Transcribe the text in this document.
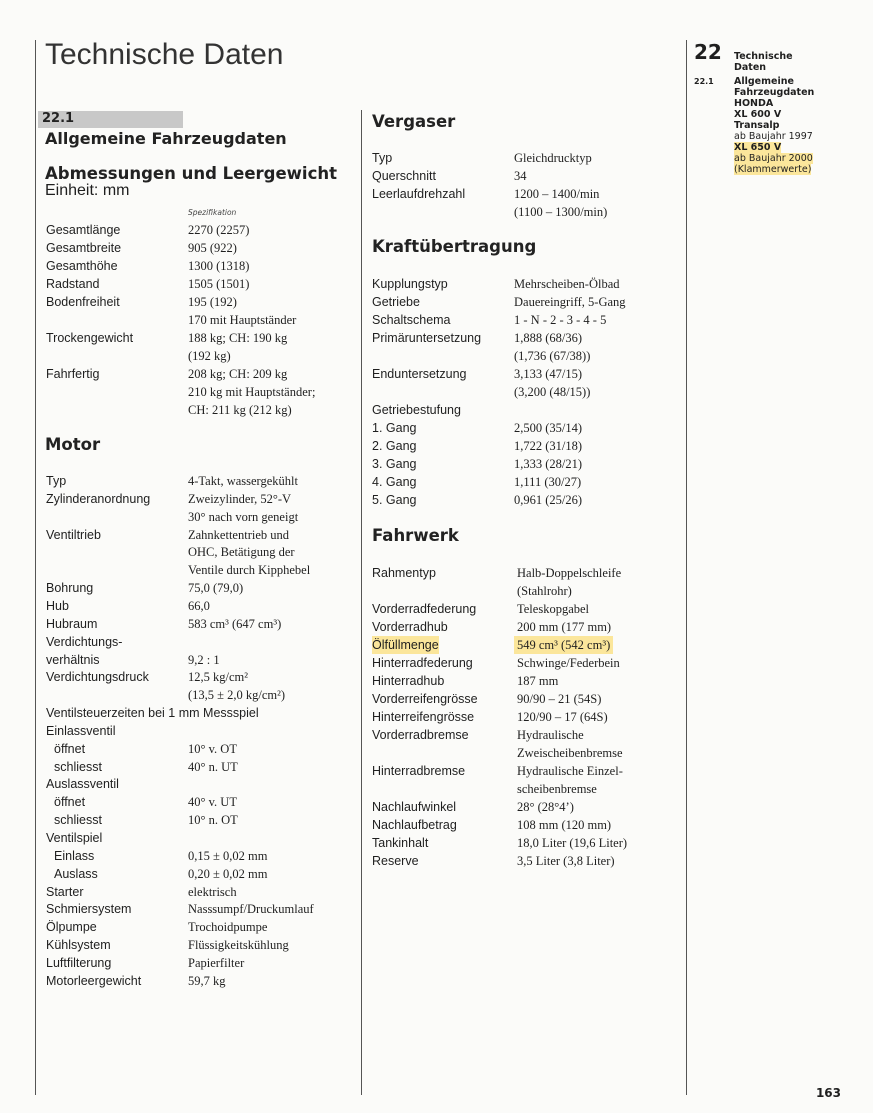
Technische Daten
22.1
Allgemeine Fahrzeugdaten
Abmessungen und Leergewicht
Einheit: mm
Spezifikation
Gesamtlänge	2270 (2257)
Gesamtbreite	905 (922)
Gesamthöhe	1300 (1318)
Radstand	1505 (1501)
Bodenfreiheit	195 (192)
170 mit Hauptständer
Trockengewicht	188 kg; CH: 190 kg
(192 kg)
Fahrfertig	208 kg; CH: 209 kg
210 kg mit Hauptständer;
CH: 211 kg (212 kg)
Motor
Typ	4-Takt, wassergekühlt
Zylinderanordnung	Zweizylinder, 52°-V
30° nach vorn geneigt
Ventiltrieb	Zahnkettentrieb und
OHC, Betätigung der
Ventile durch Kipphebel
Bohrung	75,0 (79,0)
Hub	66,0
Hubraum	583 cm³ (647 cm³)
Verdichtungs-
verhältnis	9,2 : 1
Verdichtungsdruck	12,5 kg/cm²
(13,5 ± 2,0 kg/cm²)
Ventilsteuerzeiten bei 1 mm Messspiel
Einlassventil
öffnet	10° v. OT
schliesst	40° n. UT
Auslassventil
öffnet	40° v. UT
schliesst	10° n. OT
Ventilspiel
Einlass	0,15 ± 0,02 mm
Auslass	0,20 ± 0,02 mm
Starter	elektrisch
Schmiersystem	Nasssumpf/Druckumlauf
Ölpumpe	Trochoidpumpe
Kühlsystem	Flüssigkeitskühlung
Luftfilterung	Papierfilter
Motorleergewicht	59,7 kg
Vergaser
Typ	Gleichdrucktyp
Querschnitt	34
Leerlaufdrehzahl	1200 – 1400/min
(1100 – 1300/min)
Kraftübertragung
Kupplungstyp	Mehrscheiben-Ölbad
Getriebe	Dauereingriff, 5-Gang
Schaltschema	1 - N - 2 - 3 - 4 - 5
Primäruntersetzung	1,888 (68/36)
(1,736 (67/38))
Enduntersetzung	3,133 (47/15)
(3,200 (48/15))
Getriebestufung
1. Gang	2,500 (35/14)
2. Gang	1,722 (31/18)
3. Gang	1,333 (28/21)
4. Gang	1,111 (30/27)
5. Gang	0,961 (25/26)
Fahrwerk
Rahmentyp	Halb-Doppelschleife
(Stahlrohr)
Vorderradfederung	Teleskopgabel
Vorderradhub	200 mm (177 mm)
Ölfüllmenge	549 cm³ (542 cm³)
Hinterradfederung	Schwinge/Federbein
Hinterradhub	187 mm
Vorderreifengrösse	90/90 – 21 (54S)
Hinterreifengrösse	120/90 – 17 (64S)
Vorderradbremse	Hydraulische
Zweischeibenbremse
Hinterradbremse	Hydraulische Einzel-
scheibenbremse
Nachlaufwinkel	28° (28°4’)
Nachlaufbetrag	108 mm (120 mm)
Tankinhalt	18,0 Liter (19,6 Liter)
Reserve	3,5 Liter (3,8 Liter)
22 Technische
Daten
22.1 Allgemeine
Fahrzeugdaten
HONDA
XL 600 V
Transalp
ab Baujahr 1997
XL 650 V
ab Baujahr 2000
(Klammerwerte)
163
